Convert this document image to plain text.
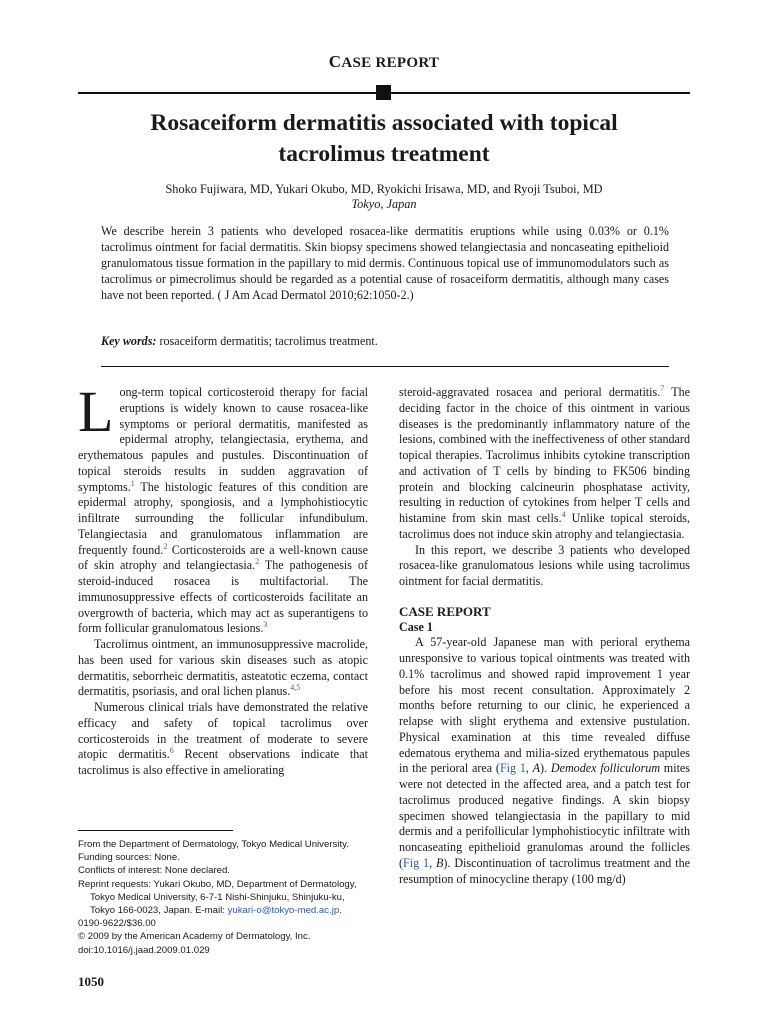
CASE REPORT
Rosaceiform dermatitis associated with topical
tacrolimus treatment
Shoko Fujiwara, MD, Yukari Okubo, MD, Ryokichi Irisawa, MD, and Ryoji Tsuboi, MD
Tokyo, Japan
We describe herein 3 patients who developed rosacea-like dermatitis eruptions while using 0.03% or 0.1% tacrolimus ointment for facial dermatitis. Skin biopsy specimens showed telangiectasia and noncaseating epithelioid granulomatous tissue formation in the papillary to mid dermis. Continuous topical use of immunomodulators such as tacrolimus or pimecrolimus should be regarded as a potential cause of rosaceiform dermatitis, although many cases have not been reported. ( J Am Acad Dermatol 2010;62:1050-2.)
Key words: rosaceiform dermatitis; tacrolimus treatment.

Long-term topical corticosteroid therapy for facial eruptions is widely known to cause rosacea-like symptoms or perioral dermatitis, manifested as epidermal atrophy, telangiectasia, erythema, and erythematous papules and pustules. Discontinuation of topical steroids results in sudden aggravation of symptoms.$^1$ The histologic features of this condition are epidermal atrophy, spongiosis, and a lymphohistiocytic infiltrate surrounding the follicular infundibulum. Telangiectasia and granulomatous inflammation are frequently found.$^2$ Corticosteroids are a well-known cause of skin atrophy and telangiectasia.$^2$ The pathogenesis of steroid-induced rosacea is multifactorial. The immunosuppressive effects of corticosteroids facilitate an overgrowth of bacteria, which may act as superantigens to form follicular granulomatous lesions.$^3$

Tacrolimus ointment, an immunosuppressive macrolide, has been used for various skin diseases such as atopic dermatitis, seborrheic dermatitis, asteatotic eczema, contact dermatitis, psoriasis, and oral lichen planus.$^{4,5}$

Numerous clinical trials have demonstrated the relative efficacy and safety of topical tacrolimus over corticosteroids in the treatment of moderate to severe atopic dermatitis.$^6$ Recent observations indicate that tacrolimus is also effective in ameliorating

steroid-aggravated rosacea and perioral dermatitis.$^7$ The deciding factor in the choice of this ointment in various diseases is the predominantly inflammatory nature of the lesions, combined with the ineffectiveness of other standard topical therapies. Tacrolimus inhibits cytokine transcription and activation of T cells by binding to FK506 binding protein and blocking calcineurin phosphatase activity, resulting in reduction of cytokines from helper T cells and histamine from skin mast cells.$^4$ Unlike topical steroids, tacrolimus does not induce skin atrophy and telangiectasia.

In this report, we describe 3 patients who developed rosacea-like granulomatous lesions while using tacrolimus ointment for facial dermatitis.

CASE REPORT
Case 1

A 57-year-old Japanese man with perioral erythema unresponsive to various topical ointments was treated with 0.1% tacrolimus and showed rapid improvement 1 year before his most recent consultation. Approximately 2 months before returning to our clinic, he experienced a relapse with slight erythema and extensive pustulation. Physical examination at this time revealed diffuse edematous erythema and milia-sized erythematous papules in the perioral area (Fig 1, A). Demodex folliculorum mites were not detected in the affected area, and a patch test for tacrolimus produced negative findings. A skin biopsy specimen showed telangiectasia in the papillary to mid dermis and a perifollicular lymphohistiocytic infiltrate with noncaseating epithelioid granulomas around the follicles (Fig 1, B). Discontinuation of tacrolimus treatment and the resumption of minocycline therapy (100 mg/d)

From the Department of Dermatology, Tokyo Medical University.
Funding sources: None.
Conflicts of interest: None declared.
Reprint requests: Yukari Okubo, MD, Department of Dermatology,
Tokyo Medical University, 6-7-1 Nishi-Shinjuku, Shinjuku-ku,
Tokyo 166-0023, Japan. E-mail: yukari-o@tokyo-med.ac.jp.
0190-9622/$36.00
© 2009 by the American Academy of Dermatology, Inc.
doi:10.1016/j.jaad.2009.01.029
1050
